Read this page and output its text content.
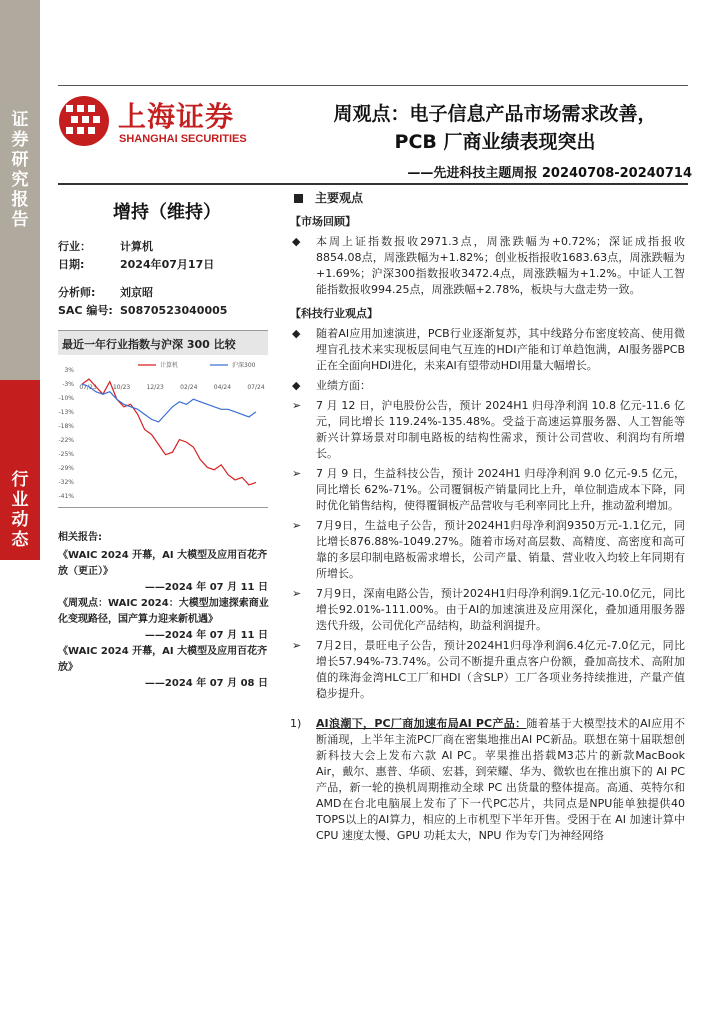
证券研究报告
行业动态
上海证券
SHANGHAI SECURITIES
周观点：电子信息产品市场需求改善，
PCB 厂商业绩表现突出
——先进科技主题周报 20240708-20240714
增持（维持）
行业：	计算机
日期:	2024年07月17日
分析师:	刘京昭
SAC 编号: S0870523040005
最近一年行业指数与沪深 300 比较
3%
-3%
-10%
-13%
-18%
-22%
-25%
-29%
-32%
-41%
07/23	10/23	12/23	02/24	04/24	07/24
计算机	沪深300
相关报告:
《WAIC 2024 开幕，AI 大模型及应用百花齐放（更正）》
——2024 年 07 月 11 日
《周观点：WAIC 2024：大模型加速探索商业化变现路径，国产算力迎来新机遇》
——2024 年 07 月 11 日
《WAIC 2024 开幕，AI 大模型及应用百花齐放》
——2024 年 07 月 08 日
主要观点
【市场回顾】
◆	本周上证指数报收2971.3点，周涨跌幅为+0.72%；深证成指报收8854.08点，周涨跌幅为+1.82%；创业板指报收1683.63点，周涨跌幅为+1.69%；沪深300指数报收3472.4点，周涨跌幅为+1.2%。中证人工智能指数报收994.25点，周涨跌幅+2.78%，板块与大盘走势一致。
【科技行业观点】
◆	随着AI应用加速演进，PCB行业逐渐复苏，其中线路分布密度较高、使用微埋盲孔技术来实现板层间电气互连的HDI产能和订单趋饱满，AI服务器PCB正在全面向HDI进化，未来AI有望带动HDI用量大幅增长。
◆	业绩方面：
➢	7 月 12 日，沪电股份公告，预计 2024H1 归母净利润 10.8 亿元-11.6 亿元，同比增长 119.24%-135.48%。受益于高速运算服务器、人工智能等新兴计算场景对印制电路板的结构性需求，预计公司营收、利润均有所增长。
➢	7 月 9 日，生益科技公告，预计 2024H1 归母净利润 9.0 亿元-9.5 亿元，同比增长 62%-71%。公司覆铜板产销量同比上升，单位制造成本下降，同时优化销售结构，使得覆铜板产品营收与毛利率同比上升，推动盈利增加。
➢	7月9日，生益电子公告，预计2024H1归母净利润9350万元-1.1亿元，同比增长876.88%-1049.27%。随着市场对高层数、高精度、高密度和高可靠的多层印制电路板需求增长，公司产量、销量、营业收入均较上年同期有所增长。
➢	7月9日，深南电路公告，预计2024H1归母净利润9.1亿元-10.0亿元，同比增长92.01%-111.00%。由于AI的加速演进及应用深化，叠加通用服务器迭代升级，公司优化产品结构，助益利润提升。
➢	7月2日，景旺电子公告，预计2024H1归母净利润6.4亿元-7.0亿元，同比增长57.94%-73.74%。公司不断提升重点客户份额，叠加高技术、高附加值的珠海金湾HLC工厂和HDI（含SLP）工厂各项业务持续推进，产量产值稳步提升。
1)	AI浪潮下，PC厂商加速布局AI PC产品：随着基于大模型技术的AI应用不断涌现，上半年主流PC厂商在密集地推出AI PC新品。联想在第十届联想创新科技大会上发布六款 AI PC。苹果推出搭载M3芯片的新款MacBook Air，戴尔、惠普、华硕、宏碁，到荣耀、华为、微软也在推出旗下的 AI PC 产品，新一轮的换机周期推动全球 PC 出货量的整体提高。高通、英特尔和AMD在台北电脑展上发布了下一代PC芯片，共同点是NPU能单独提供40 TOPS以上的AI算力，相应的上市机型下半年开售。受困于在 AI 加速计算中 CPU 速度太慢、GPU 功耗太大，NPU 作为专门为神经网络
